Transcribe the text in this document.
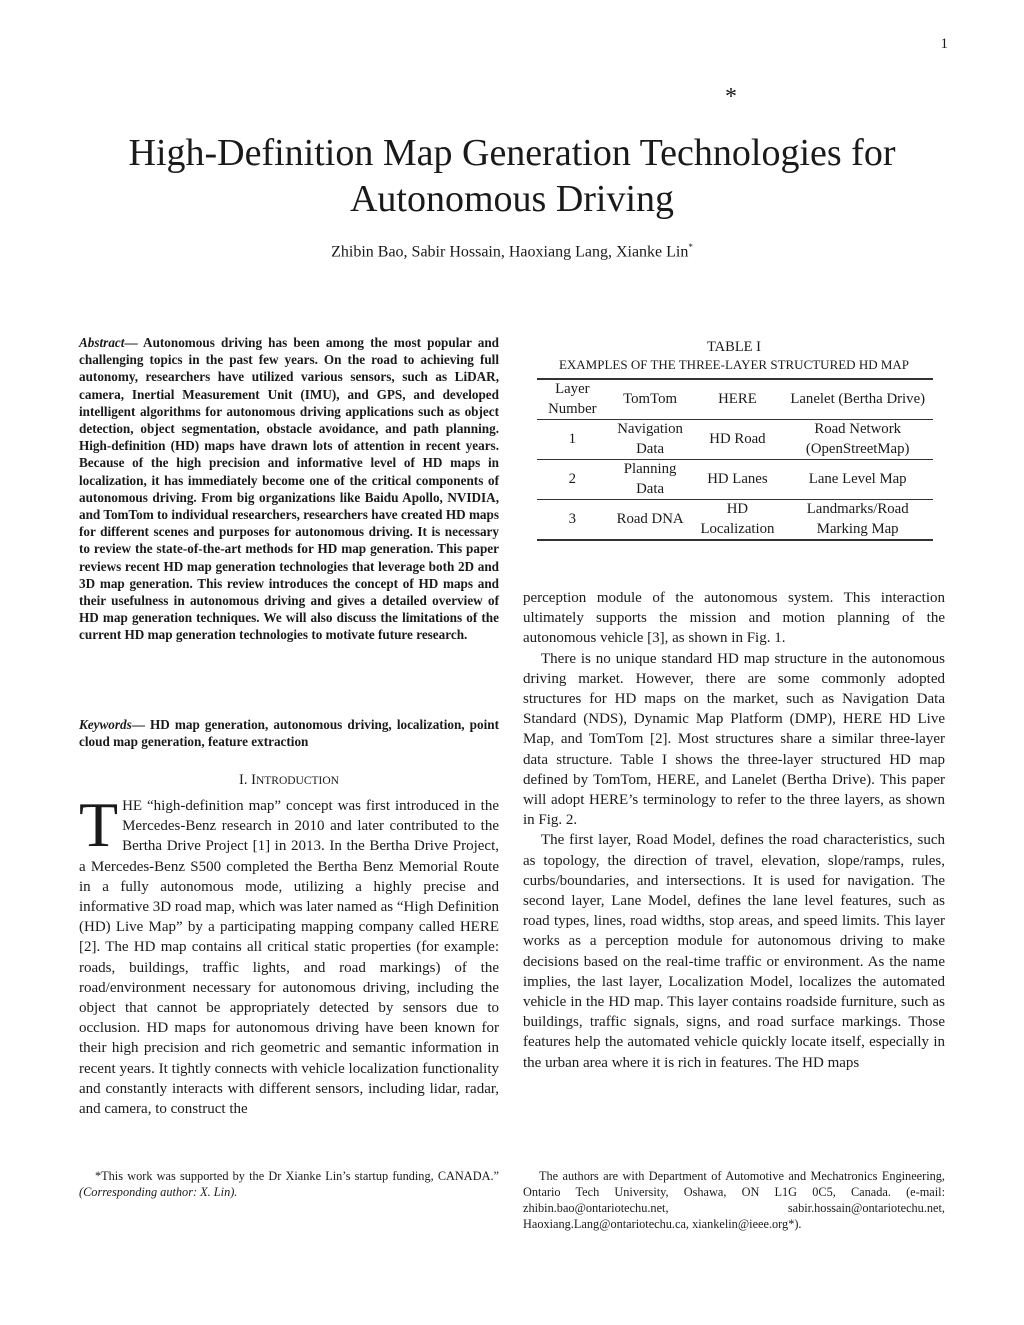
1
*
High-Definition Map Generation Technologies for
Autonomous Driving
Zhibin Bao, Sabir Hossain, Haoxiang Lang, Xianke Lin*

Abstract— Autonomous driving has been among the most popular and challenging topics in the past few years. On the road to achieving full autonomy, researchers have utilized various sensors, such as LiDAR, camera, Inertial Measurement Unit (IMU), and GPS, and developed intelligent algorithms for autonomous driving applications such as object detection, object segmentation, obstacle avoidance, and path planning. High-definition (HD) maps have drawn lots of attention in recent years. Because of the high precision and informative level of HD maps in localization, it has immediately become one of the critical components of autonomous driving. From big organizations like Baidu Apollo, NVIDIA, and TomTom to individual researchers, researchers have created HD maps for different scenes and purposes for autonomous driving. It is necessary to review the state-of-the-art methods for HD map generation. This paper reviews recent HD map generation technologies that leverage both 2D and 3D map generation. This review introduces the concept of HD maps and their usefulness in autonomous driving and gives a detailed overview of HD map generation techniques. We will also discuss the limitations of the current HD map generation technologies to motivate future research.

Keywords— HD map generation, autonomous driving, localization, point cloud map generation, feature extraction

I. INTRODUCTION

THE “high-definition map” concept was first introduced in the Mercedes-Benz research in 2010 and later contributed to the Bertha Drive Project [1] in 2013. In the Bertha Drive Project, a Mercedes-Benz S500 completed the Bertha Benz Memorial Route in a fully autonomous mode, utilizing a highly precise and informative 3D road map, which was later named as “High Definition (HD) Live Map” by a participating mapping company called HERE [2]. The HD map contains all critical static properties (for example: roads, buildings, traffic lights, and road markings) of the road/environment necessary for autonomous driving, including the object that cannot be appropriately detected by sensors due to occlusion. HD maps for autonomous driving have been known for their high precision and rich geometric and semantic information in recent years. It tightly connects with vehicle localization functionality and constantly interacts with different sensors, including lidar, radar, and camera, to construct the

TABLE I
EXAMPLES OF THE THREE-LAYER STRUCTURED HD MAP
Layer Number	TomTom	HERE	Lanelet (Bertha Drive)
1	Navigation Data	HD Road	Road Network (OpenStreetMap)
2	Planning Data	HD Lanes	Lane Level Map
3	Road DNA	HD Localization	Landmarks/Road Marking Map

perception module of the autonomous system. This interaction ultimately supports the mission and motion planning of the autonomous vehicle [3], as shown in Fig. 1.

There is no unique standard HD map structure in the autonomous driving market. However, there are some commonly adopted structures for HD maps on the market, such as Navigation Data Standard (NDS), Dynamic Map Platform (DMP), HERE HD Live Map, and TomTom [2]. Most structures share a similar three-layer data structure. Table I shows the three-layer structured HD map defined by TomTom, HERE, and Lanelet (Bertha Drive). This paper will adopt HERE’s terminology to refer to the three layers, as shown in Fig. 2.

The first layer, Road Model, defines the road characteristics, such as topology, the direction of travel, elevation, slope/ramps, rules, curbs/boundaries, and intersections. It is used for navigation. The second layer, Lane Model, defines the lane level features, such as road types, lines, road widths, stop areas, and speed limits. This layer works as a perception module for autonomous driving to make decisions based on the real-time traffic or environment. As the name implies, the last layer, Localization Model, localizes the automated vehicle in the HD map. This layer contains roadside furniture, such as buildings, traffic signals, signs, and road surface markings. Those features help the automated vehicle quickly locate itself, especially in the urban area where it is rich in features. The HD maps

*This work was supported by the Dr Xianke Lin’s startup funding, CANADA.” (Corresponding author: X. Lin).

The authors are with Department of Automotive and Mechatronics Engineering, Ontario Tech University, Oshawa, ON L1G 0C5, Canada. (e-mail: zhibin.bao@ontariotechu.net, sabir.hossain@ontariotechu.net, Haoxiang.Lang@ontariotechu.ca, xiankelin@ieee.org*).
